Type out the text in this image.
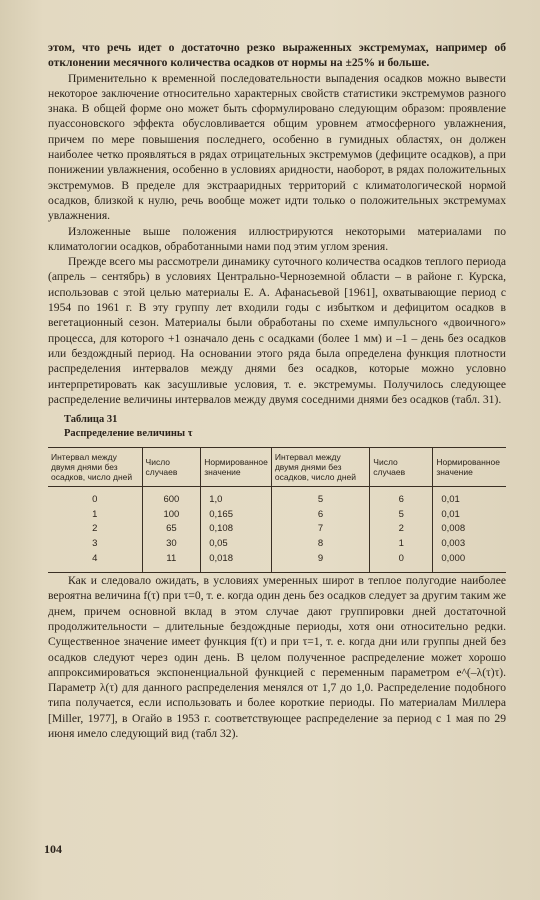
этом, что речь идет о достаточно резко выраженных экстремумах, например об отклонении месячного количества осадков от нормы на ±25% и больше.

Применительно к временной последовательности выпадения осадков можно вывести некоторое заключение относительно характерных свойств статистики экстремумов разного знака. В общей форме оно может быть сформулировано следующим образом: проявление пуассоновского эффекта обусловливается общим уровнем атмосферного увлажнения, причем по мере повышения последнего, особенно в гумидных областях, он должен наиболее четко проявляться в рядах отрицательных экстремумов (дефиците осадков), а при понижении увлажнения, особенно в условиях аридности, наоборот, в рядах положительных экстремумов. В пределе для экстрааридных территорий с климатологической нормой осадков, близкой к нулю, речь вообще может идти только о положительных экстремумах увлажнения.

Изложенные выше положения иллюстрируются некоторыми материалами по климатологии осадков, обработанными нами под этим углом зрения.

Прежде всего мы рассмотрели динамику суточного количества осадков теплого периода (апрель – сентябрь) в условиях Центрально-Черноземной области – в районе г. Курска, использовав с этой целью материалы Е. А. Афанасьевой [1961], охватывающие период с 1954 по 1961 г. В эту группу лет входили годы с избытком и дефицитом осадков в вегетационный сезон. Материалы были обработаны по схеме импульсного «двоичного» процесса, для которого +1 означало день с осадками (более 1 мм) и –1 – день без осадков или бездождный период. На основании этого ряда была определена функция плотности распределения интервалов между днями без осадков, которые можно условно интерпретировать как засушливые условия, т. е. экстремумы. Получилось следующее распределение величины интервалов между двумя соседними днями без осадков (табл. 31).

Таблица 31
Распределение величины τ
Интервал между двумя днями без осадков, число дней	Число случаев	Нормированное значение	Интервал между двумя днями без осадков, число дней	Число случаев	Нормированное значение
0	600	1,0	5	6	0,01
1	100	0,165	6	5	0,01
2	65	0,108	7	2	0,008
3	30	0,05	8	1	0,003
4	11	0,018	9	0	0,000

Как и следовало ожидать, в условиях умеренных широт в теплое полугодие наиболее вероятна величина f(τ) при τ=0, т. е. когда один день без осадков следует за другим таким же днем, причем основной вклад в этом случае дают группировки дней достаточной продолжительности – длительные бездождные периоды, хотя они относительно редки. Существенное значение имеет функция f(τ) и при τ=1, т. е. когда дни или группы дней без осадков следуют через один день. В целом полученное распределение может хорошо аппроксимироваться экспоненциальной функцией с переменным параметром e^(–λ(τ)τ). Параметр λ(τ) для данного распределения менялся от 1,7 до 1,0. Распределение подобного типа получается, если использовать и более короткие периоды. По материалам Миллера [Miller, 1977], в Огайо в 1953 г. соответствующее распределение за период с 1 мая по 29 июня имело следующий вид (табл 32).

104
